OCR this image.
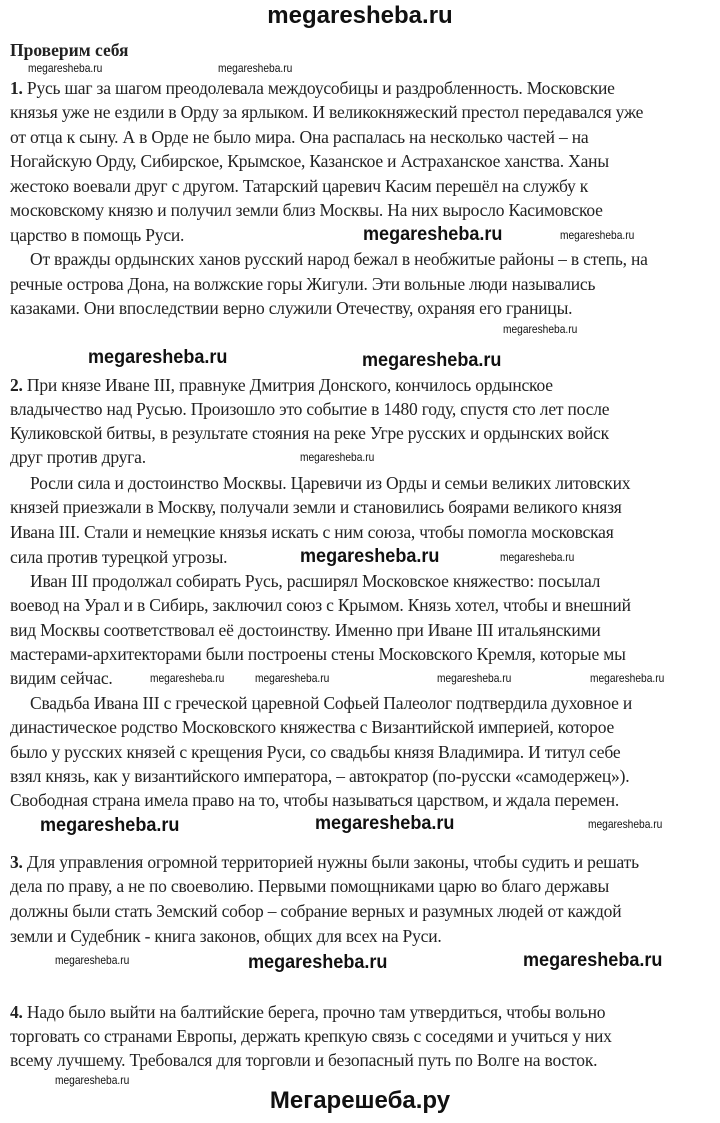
megaresheba.ru
Проверим себя
1. Русь шаг за шагом преодолевала междоусобицы и раздробленность. Московские
князья уже не ездили в Орду за ярлыком. И великокняжеский престол передавался уже
от отца к сыну. А в Орде не было мира. Она распалась на несколько частей – на
Ногайскую Орду, Сибирское, Крымское, Казанское и Астраханское ханства. Ханы
жестоко воевали друг с другом. Татарский царевич Касим перешёл на службу к
московскому князю и получил земли близ Москвы. На них выросло Касимовское
царство в помощь Руси.
От вражды ордынских ханов русский народ бежал в необжитые районы – в степь, на
речные острова Дона, на волжские горы Жигули. Эти вольные люди назывались
казаками. Они впоследствии верно служили Отечеству, охраняя его границы.
2. При князе Иване III, правнуке Дмитрия Донского, кончилось ордынское
владычество над Русью. Произошло это событие в 1480 году, спустя сто лет после
Куликовской битвы, в результате стояния на реке Угре русских и ордынских войск
друг против друга.
Росли сила и достоинство Москвы. Царевичи из Орды и семьи великих литовских
князей приезжали в Москву, получали земли и становились боярами великого князя
Ивана III. Стали и немецкие князья искать с ним союза, чтобы помогла московская
сила против турецкой угрозы.
Иван III продолжал собирать Русь, расширял Московское княжество: посылал
воевод на Урал и в Сибирь, заключил союз с Крымом. Князь хотел, чтобы и внешний
вид Москвы соответствовал её достоинству. Именно при Иване III итальянскими
мастерами-архитекторами были построены стены Московского Кремля, которые мы
видим сейчас.
Свадьба Ивана III с греческой царевной Софьей Палеолог подтвердила духовное и
династическое родство Московского княжества с Византийской империей, которое
было у русских князей с крещения Руси, со свадьбы князя Владимира. И титул себе
взял князь, как у византийского императора, – автократор (по-русски «самодержец»).
Свободная страна имела право на то, чтобы называться царством, и ждала перемен.
3. Для управления огромной территорией нужны были законы, чтобы судить и решать
дела по праву, а не по своеволию. Первыми помощниками царю во благо державы
должны были стать Земский собор – собрание верных и разумных людей от каждой
земли и Судебник - книга законов, общих для всех на Руси.
4. Надо было выйти на балтийские берега, прочно там утвердиться, чтобы вольно
торговать со странами Европы, держать крепкую связь с соседями и учиться у них
всему лучшему. Требовался для торговли и безопасный путь по Волге на восток.
megaresheba.ru	megaresheba.ru
megaresheba.ru
megaresheba.ru
megaresheba.ru
megaresheba.ru	megaresheba.ru
megaresheba.ru
megaresheba.ru
megaresheba.ru
megaresheba.ru
megaresheba.ru	megaresheba.ru	megaresheba.ru
megaresheba.ru	megaresheba.ru	megaresheba.ru
megaresheba.ru	megaresheba.ru	megaresheba.ru
megaresheba.ru
Мегарешеба.ру
